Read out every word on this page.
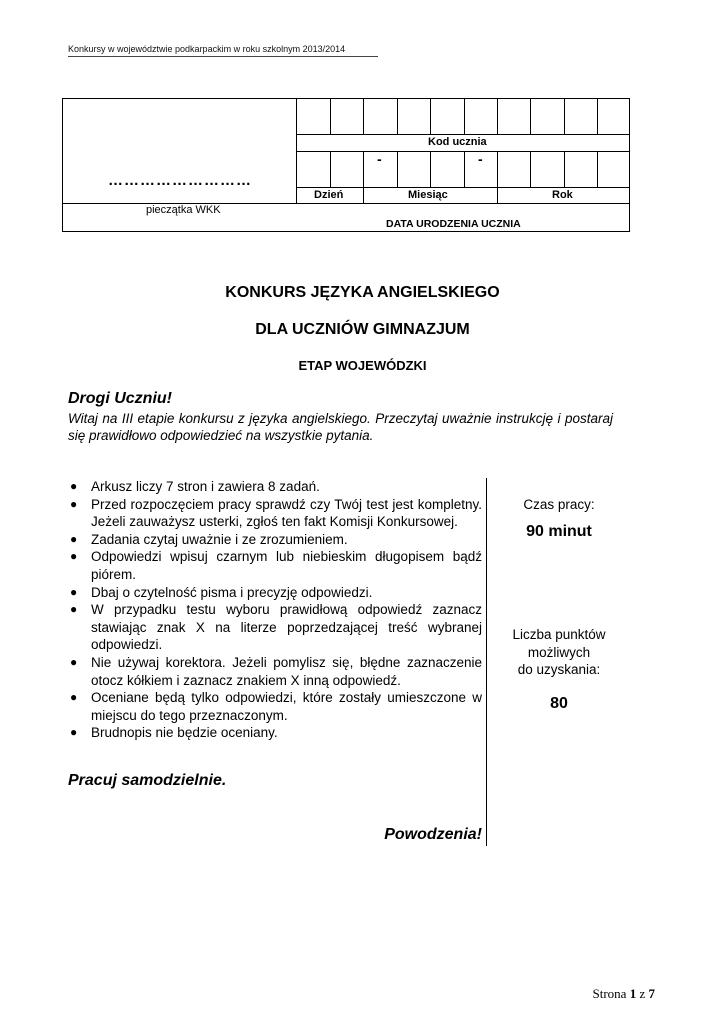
Konkursy w województwie podkarpackim w roku szkolnym 2013/2014
Kod ucznia
-	-
Dzień	Miesiąc	Rok
………………………
pieczątka WKK
DATA URODZENIA UCZNIA
KONKURS JĘZYKA ANGIELSKIEGO
DLA UCZNIÓW GIMNAZJUM
ETAP WOJEWÓDZKI
Drogi Uczniu!
Witaj na III etapie konkursu z języka angielskiego. Przeczytaj uważnie instrukcję i postaraj się prawidłowo odpowiedzieć na wszystkie pytania.
● Arkusz liczy 7 stron i zawiera 8 zadań.
● Przed rozpoczęciem pracy sprawdź czy Twój test jest kompletny. Jeżeli zauważysz usterki, zgłoś ten fakt Komisji Konkursowej.
● Zadania czytaj uważnie i ze zrozumieniem.
● Odpowiedzi wpisuj czarnym lub niebieskim długopisem bądź piórem.
● Dbaj o czytelność pisma i precyzję odpowiedzi.
● W przypadku testu wyboru prawidłową odpowiedź zaznacz stawiając znak X na literze poprzedzającej treść wybranej odpowiedzi.
● Nie używaj korektora. Jeżeli pomylisz się, błędne zaznaczenie otocz kółkiem i zaznacz znakiem X inną odpowiedź.
● Oceniane będą tylko odpowiedzi, które zostały umieszczone w miejscu do tego przeznaczonym.
● Brudnopis nie będzie oceniany.
Czas pracy:
90 minut
Liczba punktów
możliwych
do uzyskania:
80
Pracuj samodzielnie.
Powodzenia!
Strona 1 z 7
